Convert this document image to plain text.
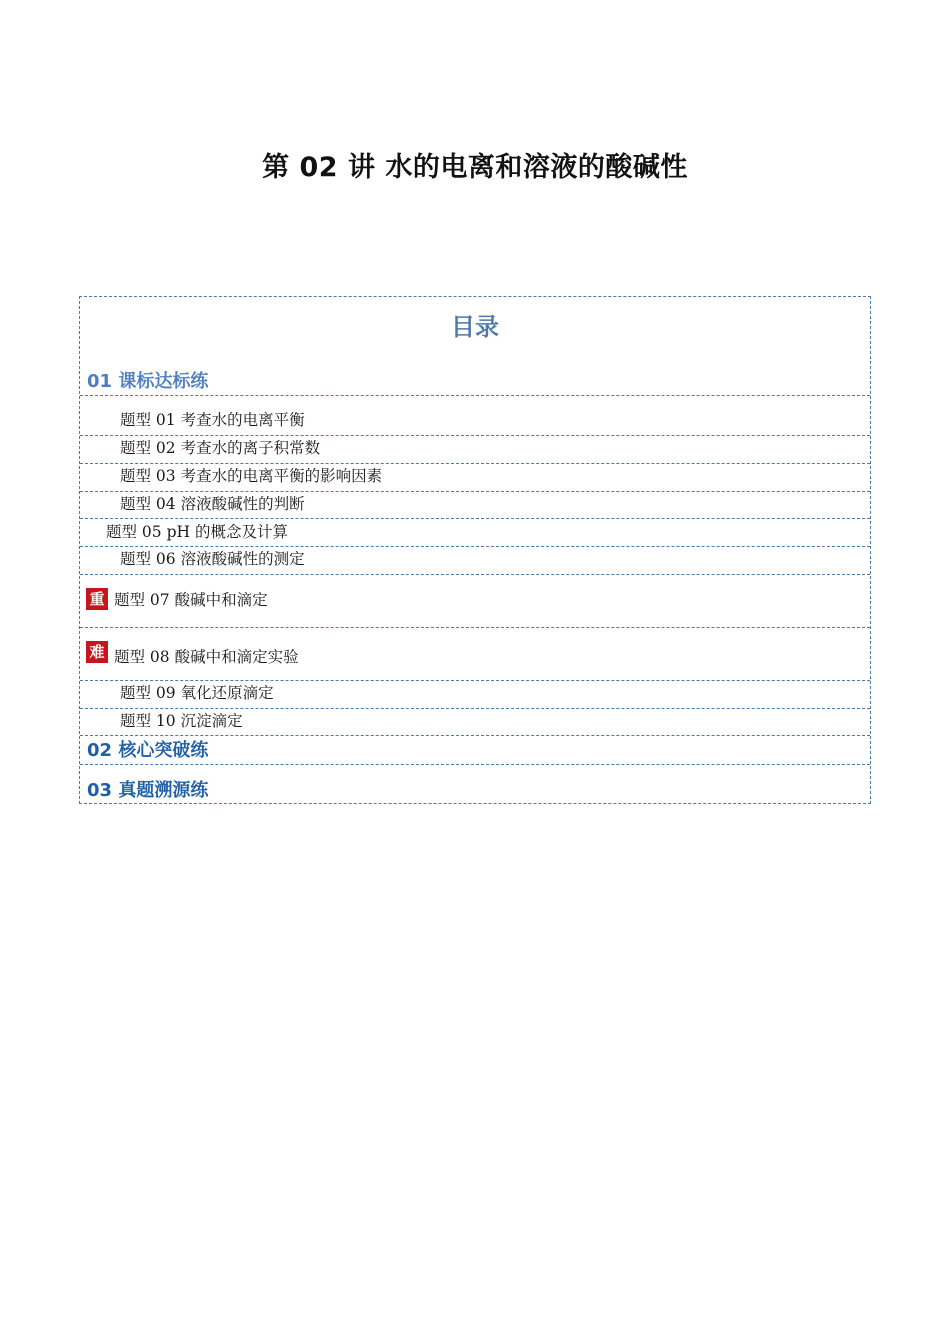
第 02 讲 水的电离和溶液的酸碱性
目录
01 课标达标练
题型 01 考查水的电离平衡
题型 02 考查水的离子积常数
题型 03 考查水的电离平衡的影响因素
题型 04 溶液酸碱性的判断
题型 05 pH 的概念及计算
题型 06 溶液酸碱性的测定
重 题型 07 酸碱中和滴定
难 题型 08 酸碱中和滴定实验
题型 09 氧化还原滴定
题型 10 沉淀滴定
02 核心突破练
03 真题溯源练
